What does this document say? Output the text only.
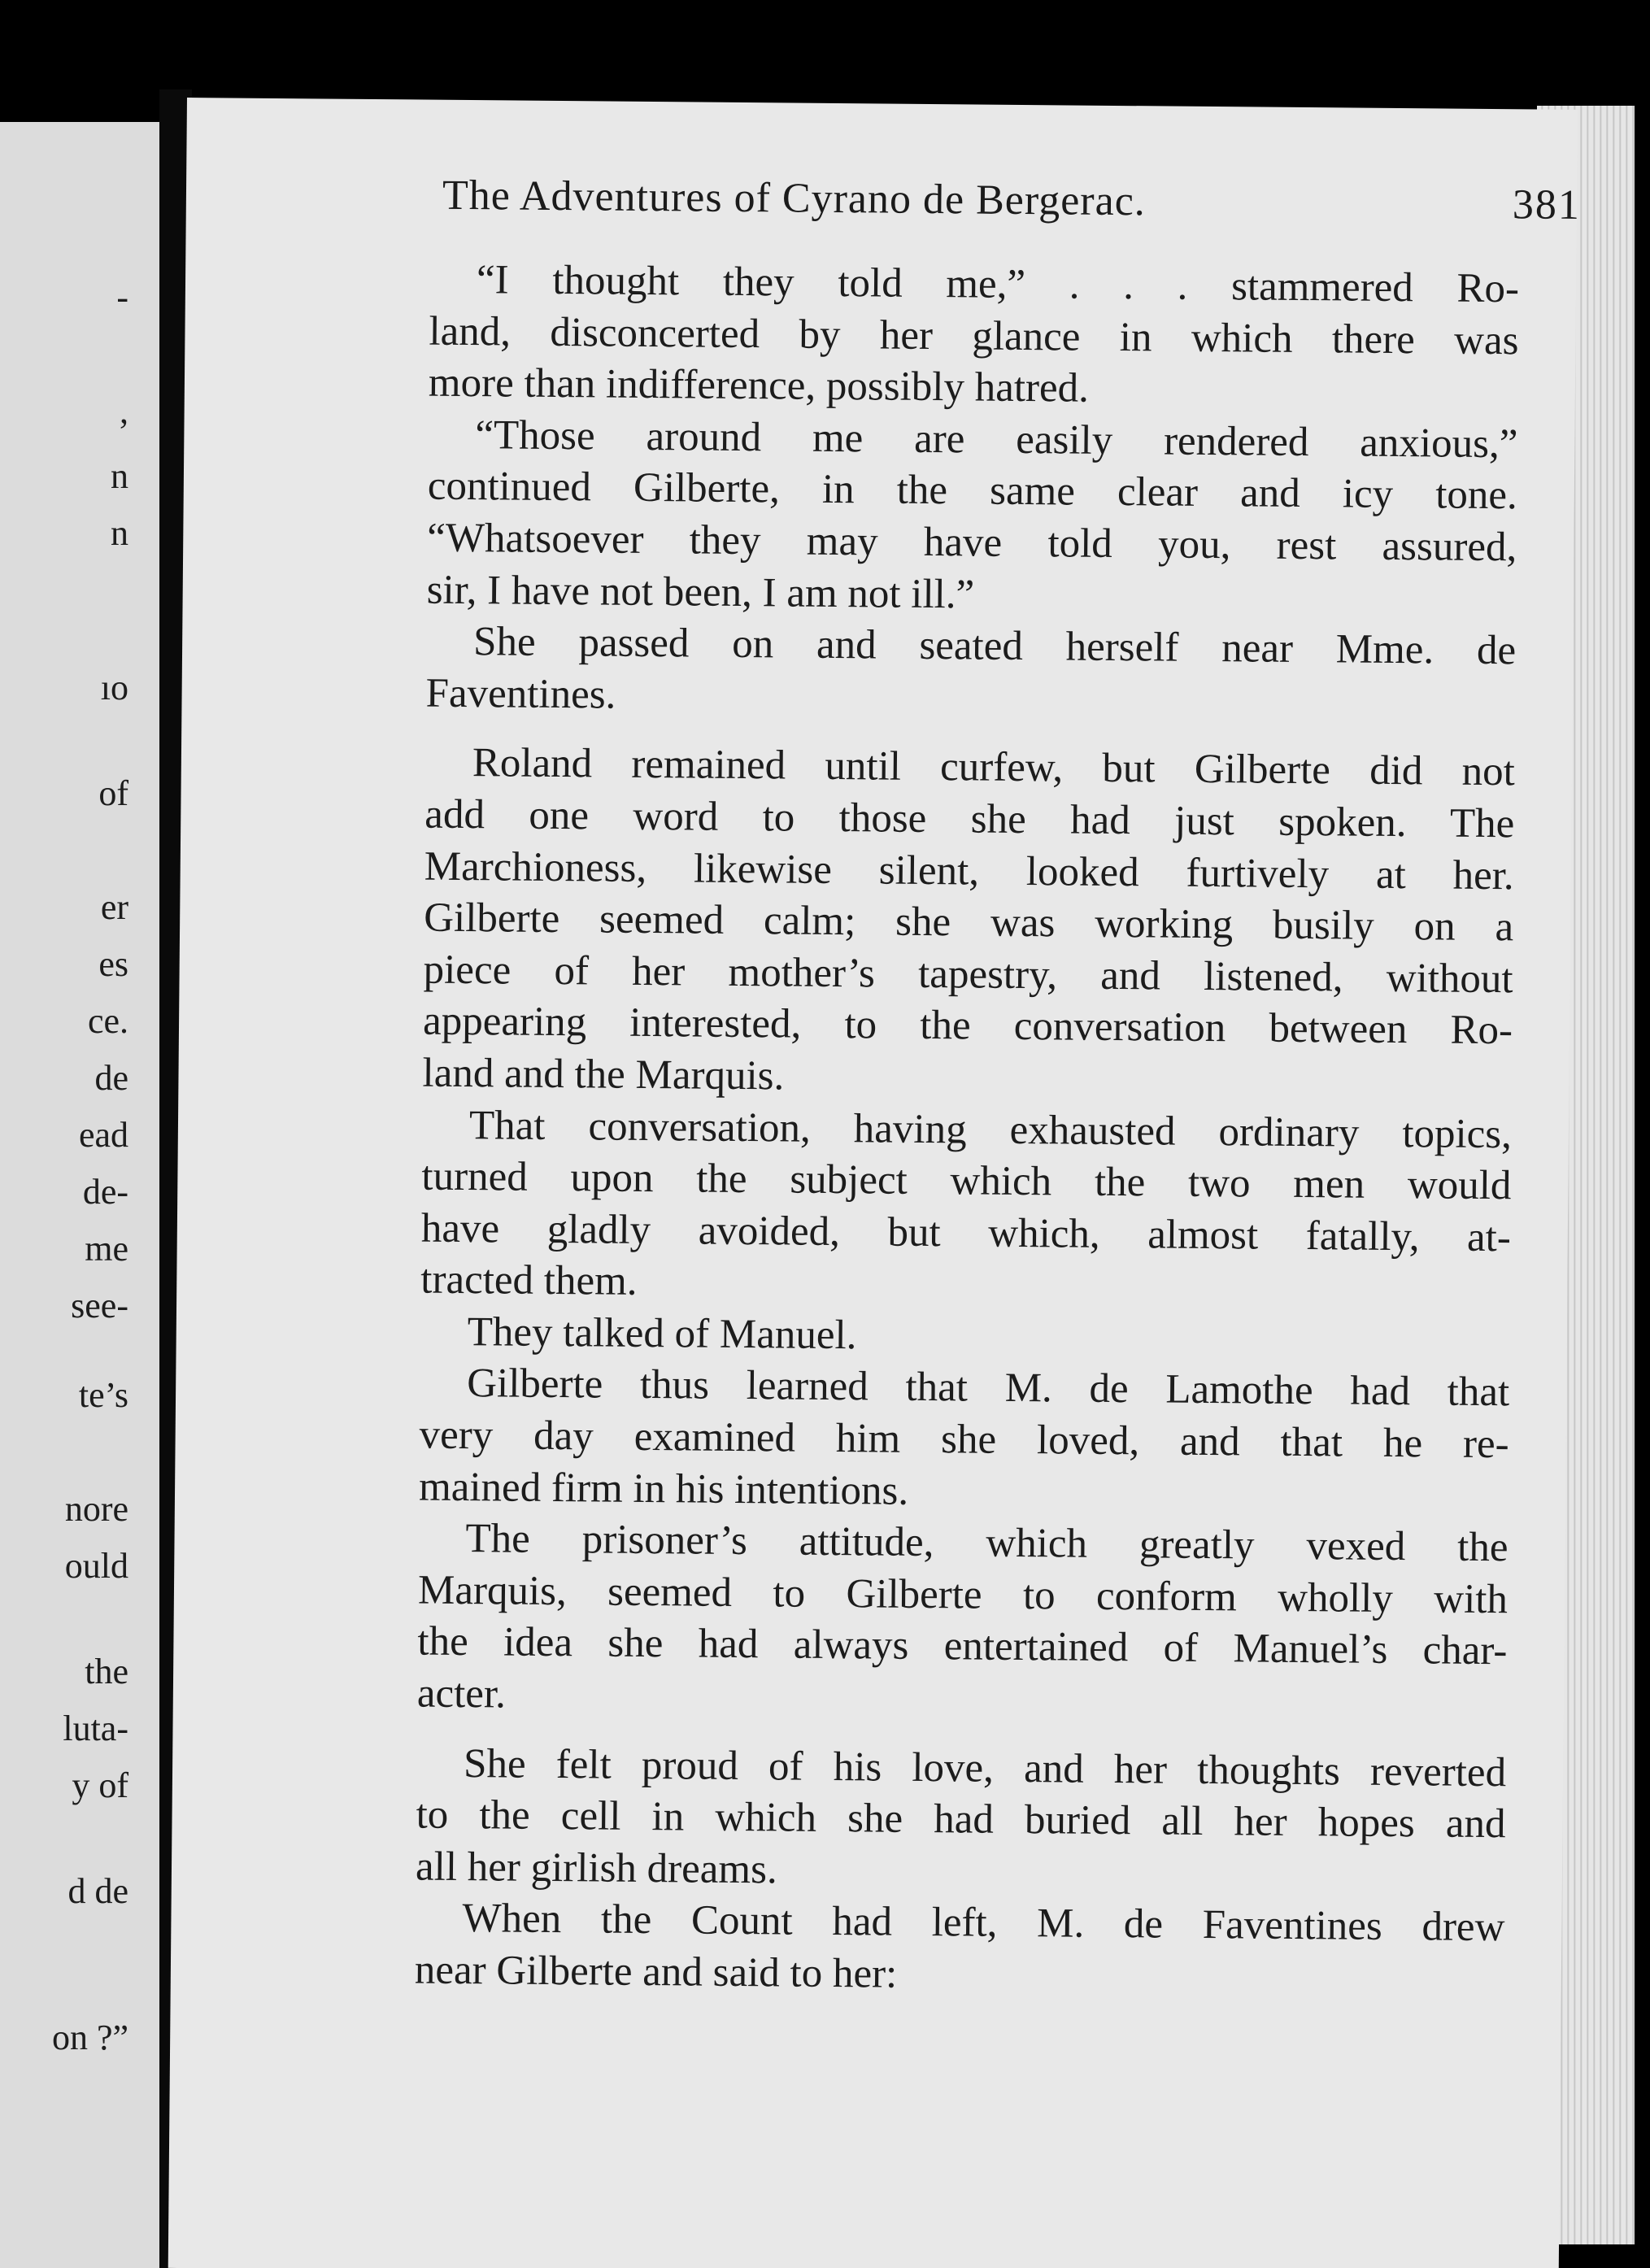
-
,
n
n
ıo
of
er
es
ce.
de
ead
de-
me
see-
te’s
nore
ould
the
luta-
y of
d de
on ?”
The Adventures of Cyrano de Bergerac.	381
“I thought they told me,” . . . stammered Ro-
land, disconcerted by her glance in which there was
more than indifference, possibly hatred.
“Those around me are easily rendered anxious,”
continued Gilberte, in the same clear and icy tone.
“Whatsoever they may have told you, rest assured,
sir, I have not been, I am not ill.”
She passed on and seated herself near Mme. de
Faventines.
Roland remained until curfew, but Gilberte did not
add one word to those she had just spoken. The
Marchioness, likewise silent, looked furtively at her.
Gilberte seemed calm; she was working busily on a
piece of her mother’s tapestry, and listened, without
appearing interested, to the conversation between Ro-
land and the Marquis.
That conversation, having exhausted ordinary topics,
turned upon the subject which the two men would
have gladly avoided, but which, almost fatally, at-
tracted them.
They talked of Manuel.
Gilberte thus learned that M. de Lamothe had that
very day examined him she loved, and that he re-
mained firm in his intentions.
The prisoner’s attitude, which greatly vexed the
Marquis, seemed to Gilberte to conform wholly with
the idea she had always entertained of Manuel’s char-
acter.
She felt proud of his love, and her thoughts reverted
to the cell in which she had buried all her hopes and
all her girlish dreams.
When the Count had left, M. de Faventines drew
near Gilberte and said to her:
